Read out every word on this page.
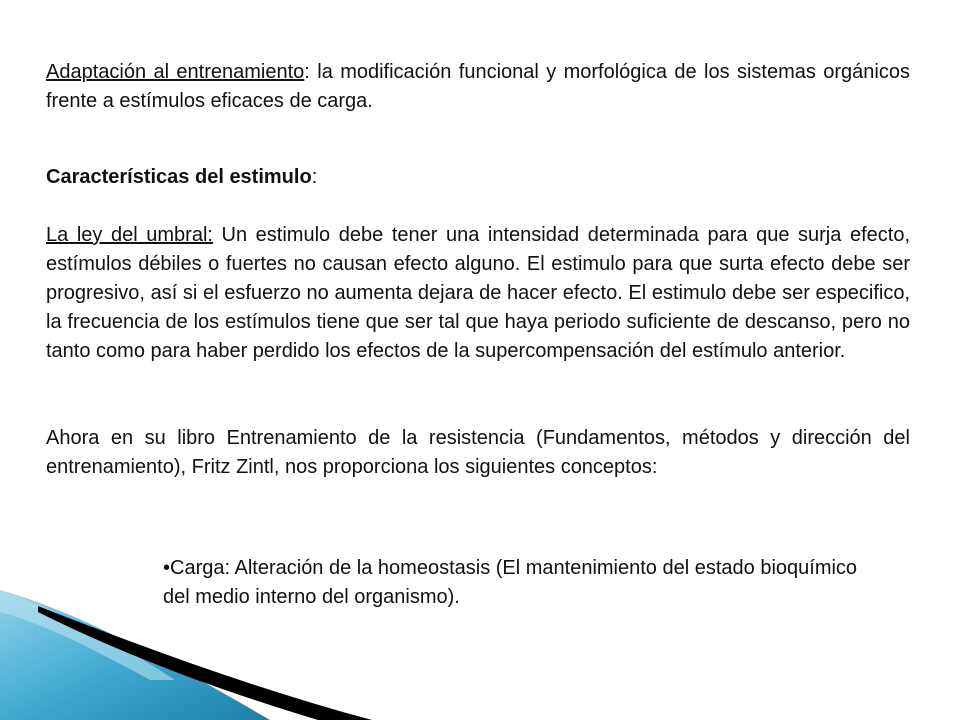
Adaptación al entrenamiento: la modificación funcional y morfológica de los sistemas orgánicos frente a estímulos eficaces de carga.

Características del estimulo:

La ley del umbral: Un estimulo debe tener una intensidad determinada para que surja efecto, estímulos débiles o fuertes no causan efecto alguno. El estimulo para que surta efecto debe ser progresivo, así si el esfuerzo no aumenta dejara de hacer efecto. El estimulo debe ser especifico, la frecuencia de los estímulos tiene que ser tal que haya periodo suficiente de descanso, pero no tanto como para haber perdido los efectos de la supercompensación del estímulo anterior.

Ahora en su libro Entrenamiento de la resistencia (Fundamentos, métodos y dirección del entrenamiento), Fritz Zintl, nos proporciona los siguientes conceptos:

•Carga: Alteración de la homeostasis (El mantenimiento del estado bioquímico del medio interno del organismo).
